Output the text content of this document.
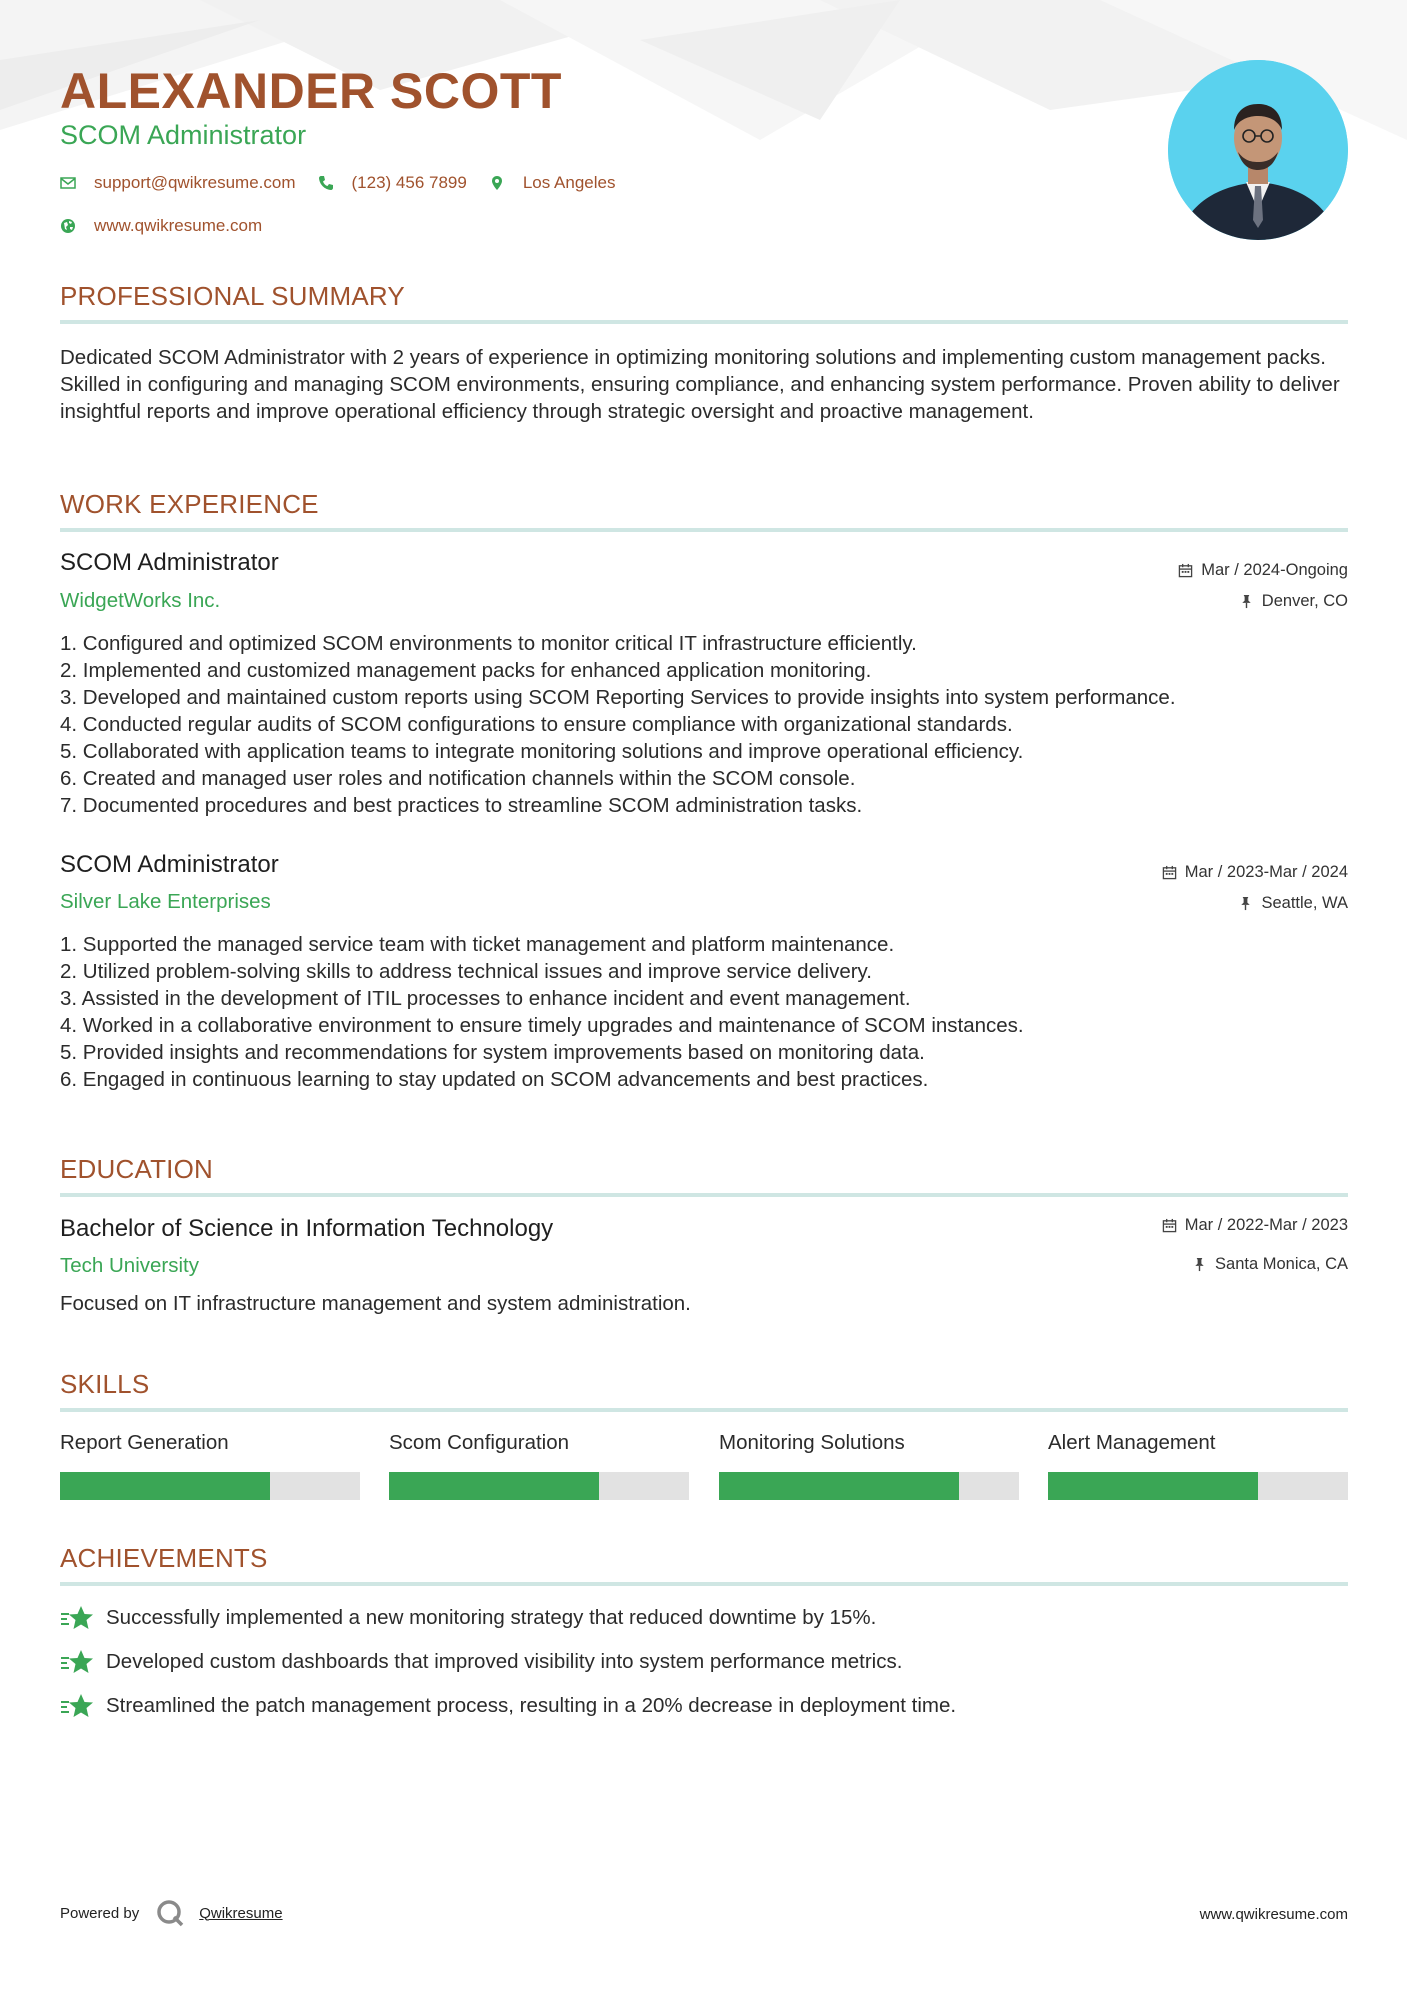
ALEXANDER SCOTT
SCOM Administrator
support@qwikresume.com	(123) 456 7899	Los Angeles
www.qwikresume.com
PROFESSIONAL SUMMARY
Dedicated SCOM Administrator with 2 years of experience in optimizing monitoring solutions and implementing custom management packs. Skilled in configuring and managing SCOM environments, ensuring compliance, and enhancing system performance. Proven ability to deliver insightful reports and improve operational efficiency through strategic oversight and proactive management.
WORK EXPERIENCE
SCOM Administrator
WidgetWorks Inc.
Mar / 2024-Ongoing
Denver, CO
1. Configured and optimized SCOM environments to monitor critical IT infrastructure efficiently.
2. Implemented and customized management packs for enhanced application monitoring.
3. Developed and maintained custom reports using SCOM Reporting Services to provide insights into system performance.
4. Conducted regular audits of SCOM configurations to ensure compliance with organizational standards.
5. Collaborated with application teams to integrate monitoring solutions and improve operational efficiency.
6. Created and managed user roles and notification channels within the SCOM console.
7. Documented procedures and best practices to streamline SCOM administration tasks.
SCOM Administrator
Silver Lake Enterprises
Mar / 2023-Mar / 2024
Seattle, WA
1. Supported the managed service team with ticket management and platform maintenance.
2. Utilized problem-solving skills to address technical issues and improve service delivery.
3. Assisted in the development of ITIL processes to enhance incident and event management.
4. Worked in a collaborative environment to ensure timely upgrades and maintenance of SCOM instances.
5. Provided insights and recommendations for system improvements based on monitoring data.
6. Engaged in continuous learning to stay updated on SCOM advancements and best practices.
EDUCATION
Bachelor of Science in Information Technology
Tech University
Mar / 2022-Mar / 2023
Santa Monica, CA
Focused on IT infrastructure management and system administration.
SKILLS
Report Generation	Scom Configuration	Monitoring Solutions	Alert Management
ACHIEVEMENTS
Successfully implemented a new monitoring strategy that reduced downtime by 15%.
Developed custom dashboards that improved visibility into system performance metrics.
Streamlined the patch management process, resulting in a 20% decrease in deployment time.
Powered by	Qwikresume	www.qwikresume.com
